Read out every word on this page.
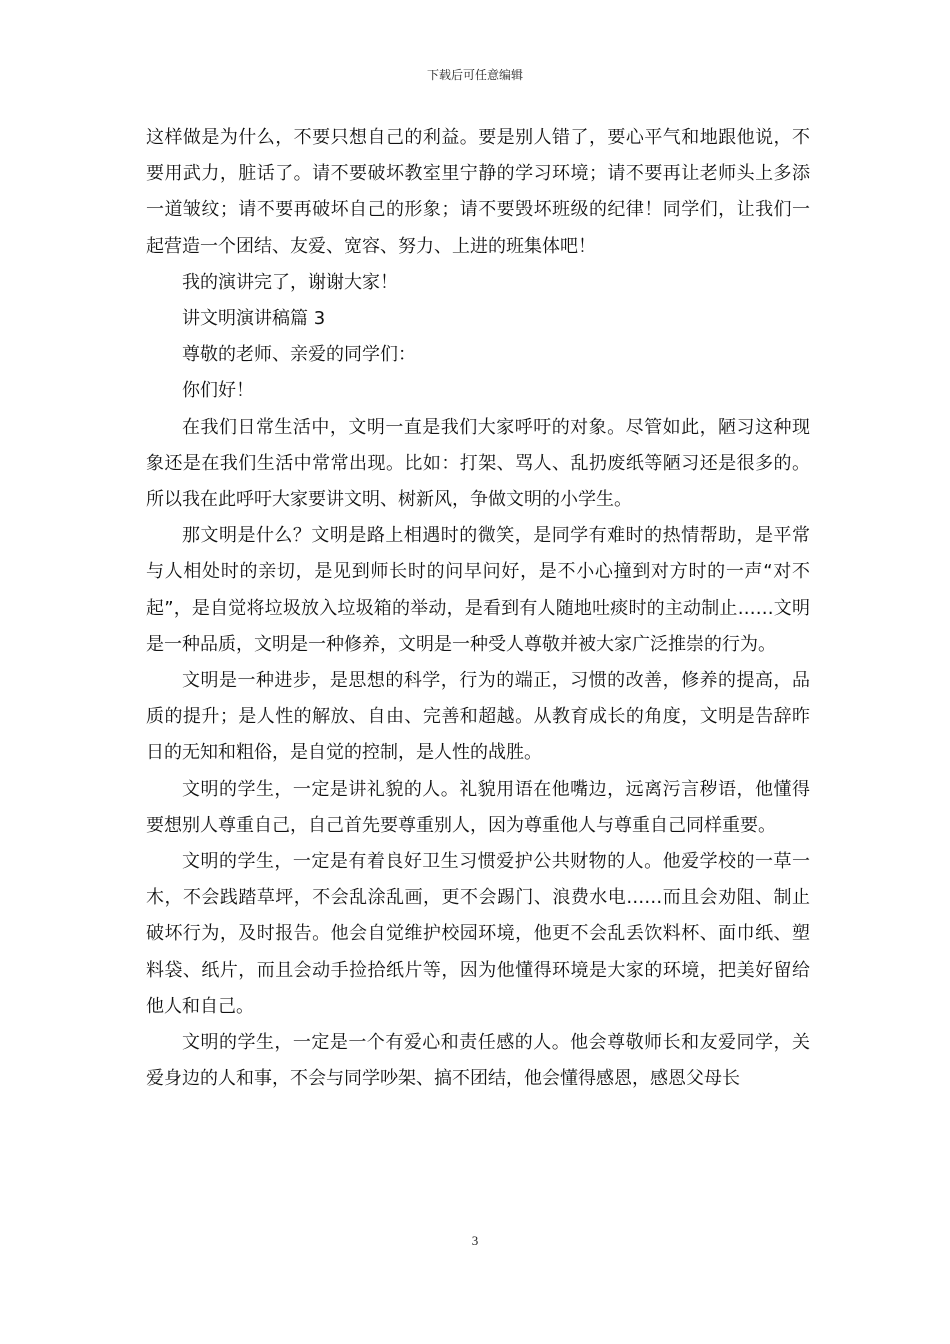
下载后可任意编辑

这样做是为什么，不要只想自己的利益。要是别人错了，要心平气和地跟他说，不要用武力，脏话了。请不要破坏教室里宁静的学习环境；请不要再让老师头上多添一道皱纹；请不要再破坏自己的形象；请不要毁坏班级的纪律！同学们，让我们一起营造一个团结、友爱、宽容、努力、上进的班集体吧！

我的演讲完了，谢谢大家！

讲文明演讲稿篇 3

尊敬的老师、亲爱的同学们：

你们好！

在我们日常生活中，文明一直是我们大家呼吁的对象。尽管如此，陋习这种现象还是在我们生活中常常出现。比如：打架、骂人、乱扔废纸等陋习还是很多的。所以我在此呼吁大家要讲文明、树新风，争做文明的小学生。

那文明是什么？文明是路上相遇时的微笑，是同学有难时的热情帮助，是平常与人相处时的亲切，是见到师长时的问早问好，是不小心撞到对方时的一声“对不起”，是自觉将垃圾放入垃圾箱的举动，是看到有人随地吐痰时的主动制止……文明是一种品质，文明是一种修养，文明是一种受人尊敬并被大家广泛推崇的行为。

文明是一种进步，是思想的科学，行为的端正，习惯的改善，修养的提高，品质的提升；是人性的解放、自由、完善和超越。从教育成长的角度，文明是告辞昨日的无知和粗俗，是自觉的控制，是人性的战胜。

文明的学生，一定是讲礼貌的人。礼貌用语在他嘴边，远离污言秽语，他懂得要想别人尊重自己，自己首先要尊重别人，因为尊重他人与尊重自己同样重要。

文明的学生，一定是有着良好卫生习惯爱护公共财物的人。他爱学校的一草一木，不会践踏草坪，不会乱涂乱画，更不会踢门、浪费水电……而且会劝阻、制止破坏行为，及时报告。他会自觉维护校园环境，他更不会乱丢饮料杯、面巾纸、塑料袋、纸片，而且会动手捡拾纸片等，因为他懂得环境是大家的环境，把美好留给他人和自己。

文明的学生，一定是一个有爱心和责任感的人。他会尊敬师长和友爱同学，关爱身边的人和事，不会与同学吵架、搞不团结，他会懂得感恩，感恩父母长

3
